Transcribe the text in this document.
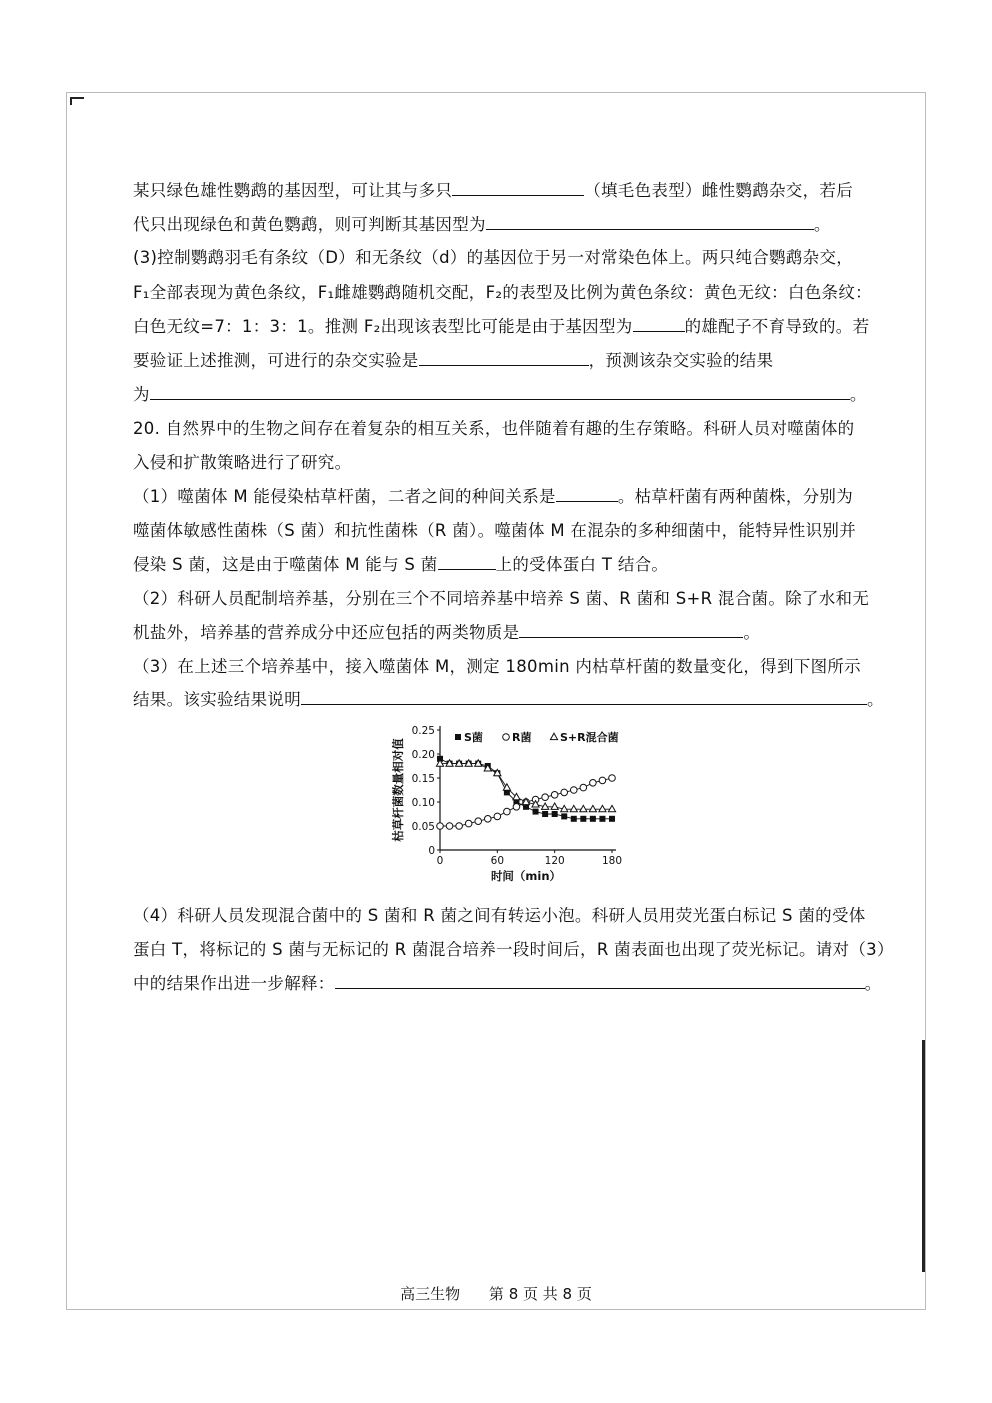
某只绿色雄性鹦鹉的基因型，可让其与多只	（填毛色表型）雌性鹦鹉杂交，若后
代只出现绿色和黄色鹦鹉，则可判断其基因型为	。
(3)控制鹦鹉羽毛有条纹（D）和无条纹（d）的基因位于另一对常染色体上。两只纯合鹦鹉杂交，
F₁全部表现为黄色条纹，F₁雌雄鹦鹉随机交配，F₂的表型及比例为黄色条纹：黄色无纹：白色条纹：
白色无纹=7：1：3：1。推测 F₂出现该表型比可能是由于基因型为	的雄配子不育导致的。若
要验证上述推测，可进行的杂交实验是	，预测该杂交实验的结果
为	。
20. 自然界中的生物之间存在着复杂的相互关系，也伴随着有趣的生存策略。科研人员对噬菌体的
入侵和扩散策略进行了研究。
（1）噬菌体 M 能侵染枯草杆菌，二者之间的种间关系是	。枯草杆菌有两种菌株，分别为
噬菌体敏感性菌株（S 菌）和抗性菌株（R 菌）。噬菌体 M 在混杂的多种细菌中，能特异性识别并
侵染 S 菌，这是由于噬菌体 M 能与 S 菌	上的受体蛋白 T 结合。
（2）科研人员配制培养基，分别在三个不同培养基中培养 S 菌、R 菌和 S+R 混合菌。除了水和无
机盐外，培养基的营养成分中还应包括的两类物质是	。
（3）在上述三个培养基中，接入噬菌体 M，测定 180min 内枯草杆菌的数量变化，得到下图所示
结果。该实验结果说明	。
（4）科研人员发现混合菌中的 S 菌和 R 菌之间有转运小泡。科研人员用荧光蛋白标记 S 菌的受体
蛋白 T，将标记的 S 菌与无标记的 R 菌混合培养一段时间后，R 菌表面也出现了荧光标记。请对（3）
中的结果作出进一步解释：	。
0
0.05
0.10
0.15
0.20
0.25
0	60	120	180
时间（min）
枯草杆菌数量相对值
S菌	R菌	S+R混合菌
高三生物 第 8 页 共 8 页
